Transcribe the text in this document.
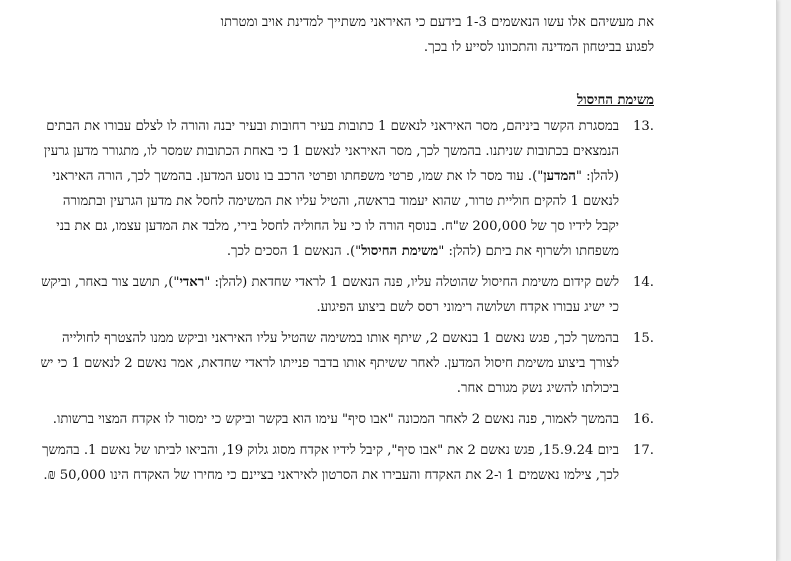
את מעשיהם אלו עשו הנאשמים 1-3 בידעם כי האיראני משתייך למדינת אויב ומטרתו
לפגוע בביטחון המדינה והתכוונו לסייע לו בכך.
משימת החיסול
13.

במסגרת הקשר ביניהם, מסר האיראני לנאשם 1 כתובות בעיר רחובות ובעיר יבנה והורה לו לצלם עבורו את הבתים הנמצאים בכתובות שניתנו. בהמשך לכך, מסר האיראני לנאשם 1 כי באחת הכתובות שמסר לו, מתגורר מדען גרעין (להלן: "המדען"). עוד מסר לו את שמו, פרטי משפחתו ופרטי הרכב בו נוסע המדען. בהמשך לכך, הורה האיראני לנאשם 1 להקים חוליית טרור, שהוא יעמוד בראשה, והטיל עליו את המשימה לחסל את מדען הגרעין ובתמורה יקבל לידיו סך של 200,000 ש"ח. בנוסף הורה לו כי על החוליה לחסל בירי, מלבד את המדען עצמו, גם את בני משפחתו ולשרוף את ביתם (להלן: "משימת החיסול"). הנאשם 1 הסכים לכך.

14.

לשם קידום משימת החיסול שהוטלה עליו, פנה הנאשם 1 לראדי שחדאת (להלן: "ראדי"), תושב צור באחר, וביקש כי ישיג עבורו אקדח ושלושה רימוני רסס לשם ביצוע הפיגוע.

15.

בהמשך לכך, פגש נאשם 1 בנאשם 2, שיתף אותו במשימה שהטיל עליו האיראני וביקש ממנו להצטרף לחולייה לצורך ביצוע משימת חיסול המדען. לאחר ששיתף אותו בדבר פנייתו לראדי שחדאת, אמר נאשם 2 לנאשם 1 כי יש ביכולתו להשיג נשק מגורם אחר.

16.

בהמשך לאמור, פנה נאשם 2 לאחר המכונה "אבו סיף" עימו הוא בקשר וביקש כי ימסור לו אקדח המצוי ברשותו.

17.

ביום 15.9.24, פגש נאשם 2 את "אבו סיף", קיבל לידיו אקדח מסוג גלוק 19, והביאו לביתו של נאשם 1. בהמשך לכך, צילמו נאשמים 1 ו-2 את האקדח והעבירו את הסרטון לאיראני בציינם כי מחירו של האקדח הינו 50,000 ₪.
